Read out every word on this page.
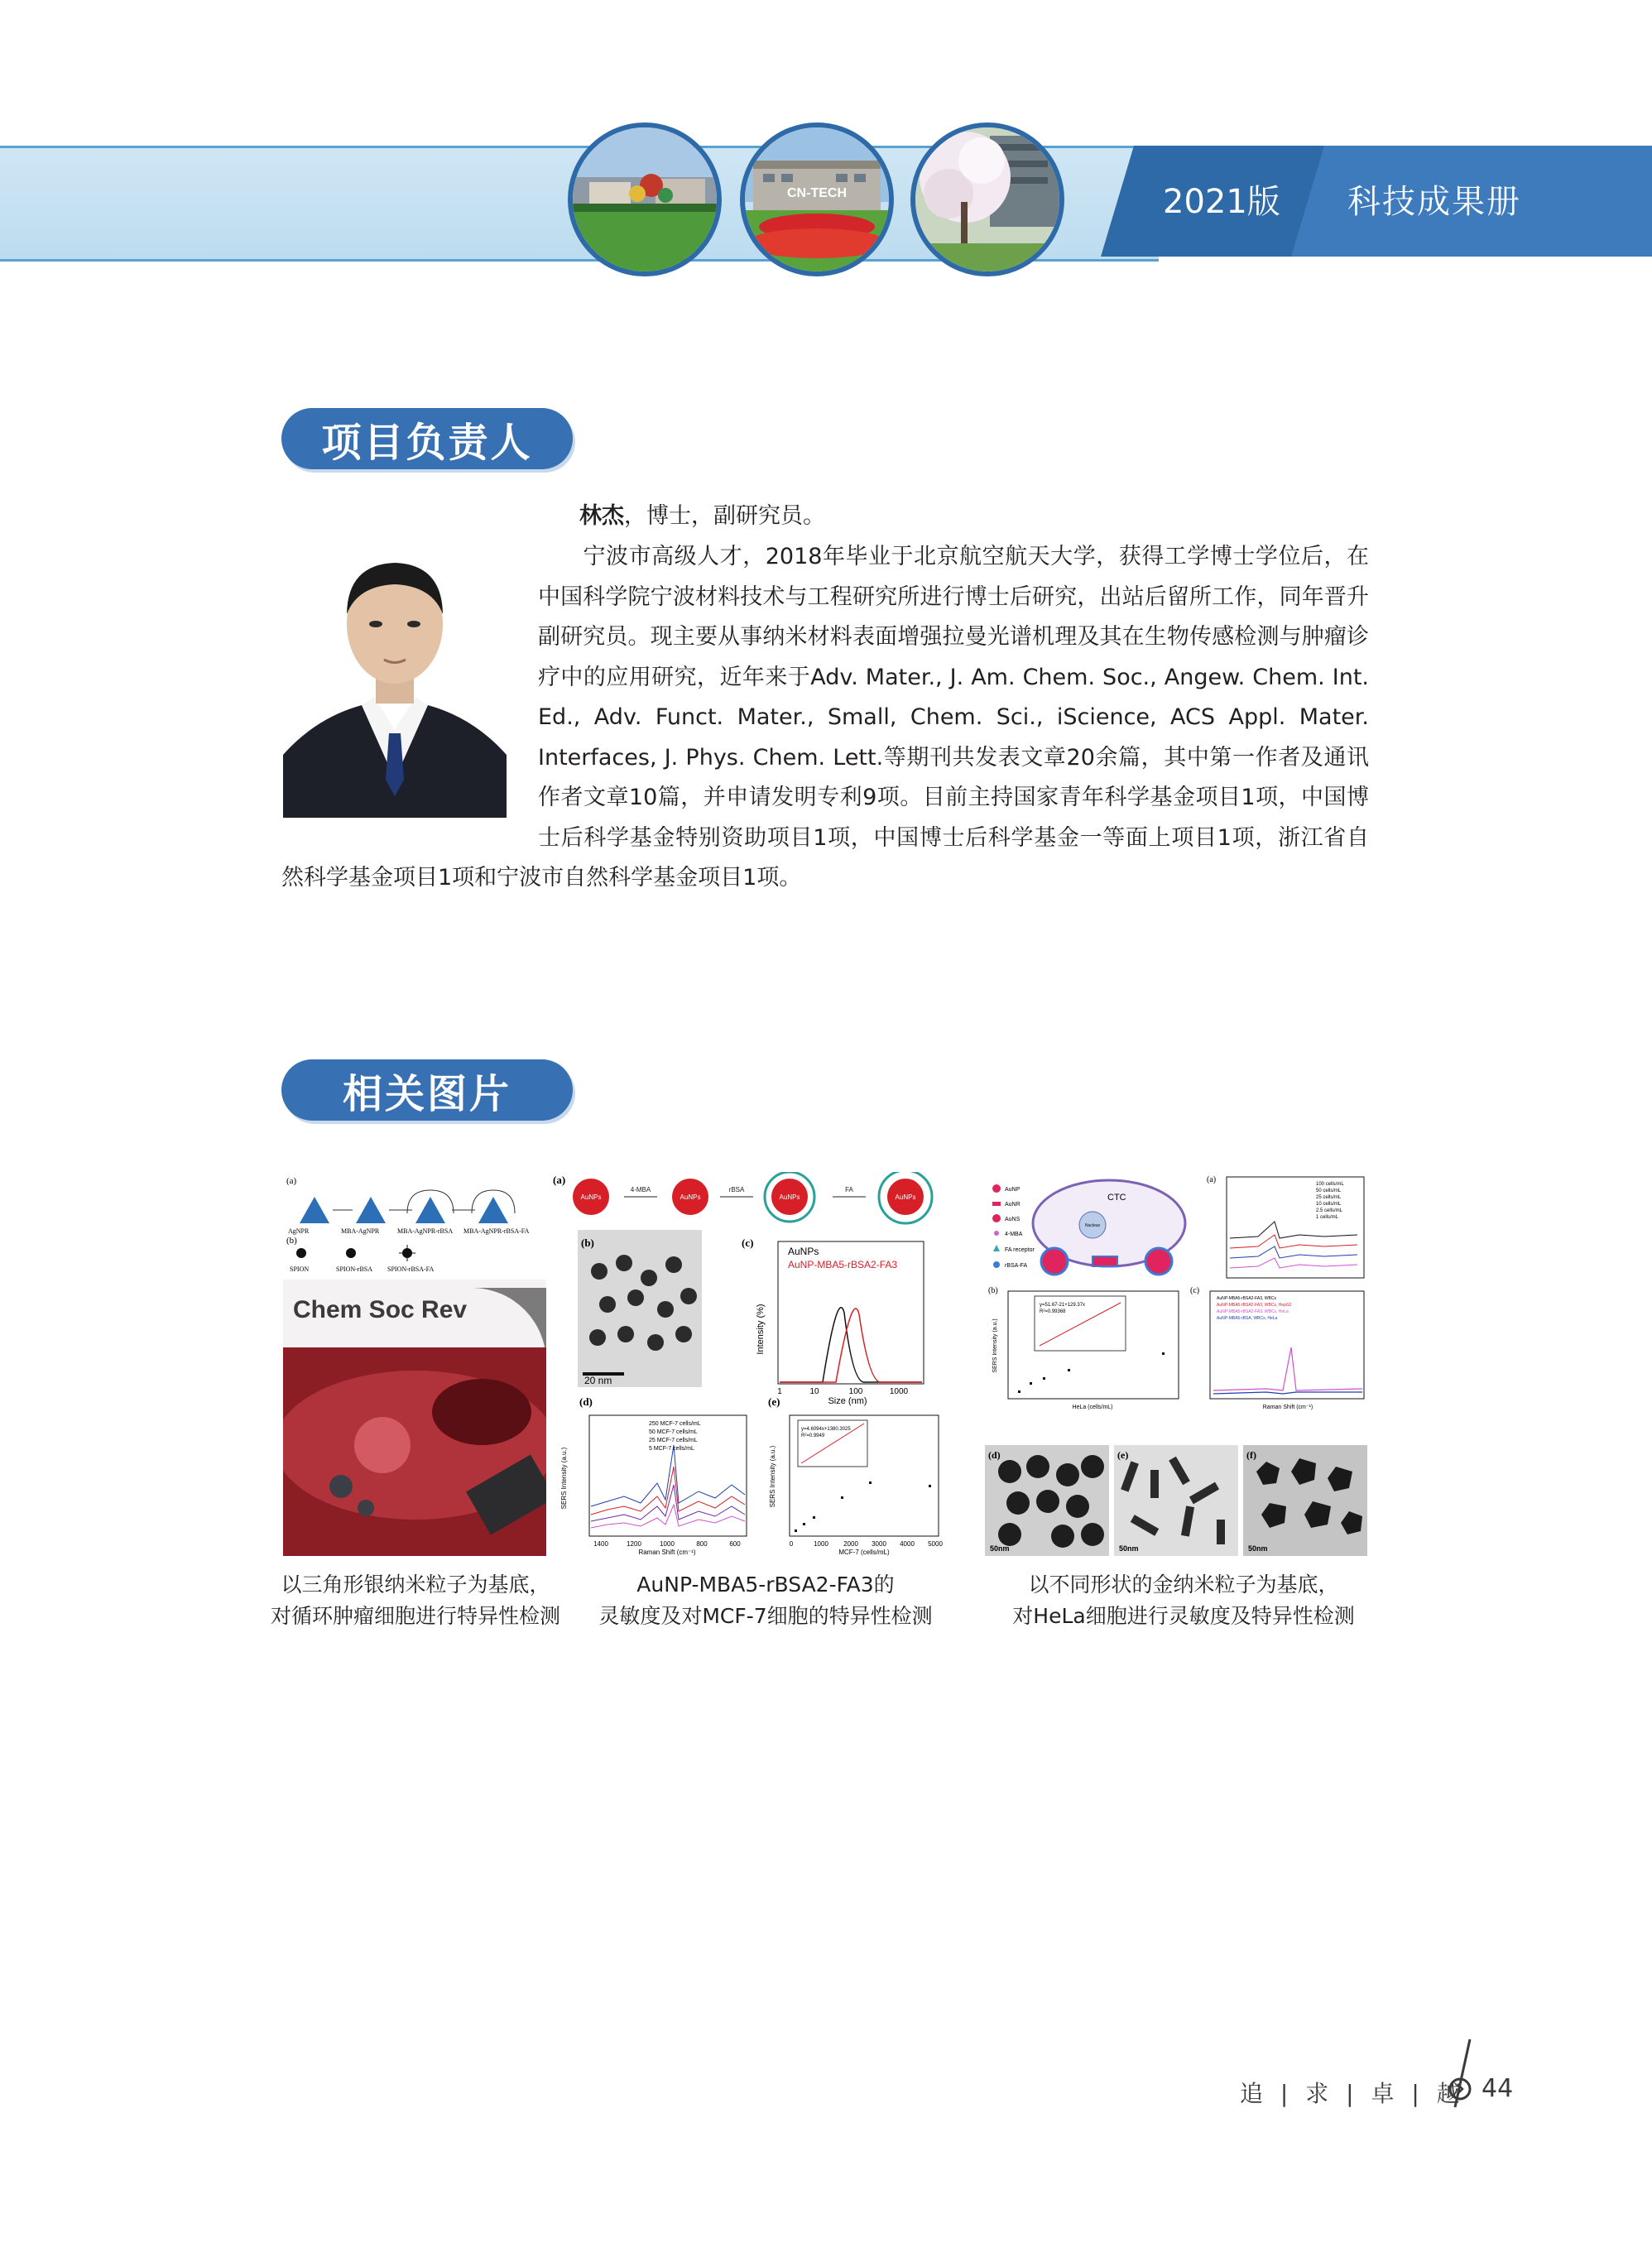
2021版 科技成果册
CN-TECH
项目负责人
林杰，博士，副研究员。
宁波市高级人才，2018年毕业于北京航空航天大学，获得工学博士学位后，在中国科学院宁波材料技术与工程研究所进行博士后研究，出站后留所工作，同年晋升副研究员。现主要从事纳米材料表面增强拉曼光谱机理及其在生物传感检测与肿瘤诊疗中的应用研究，近年来于Adv. Mater., J. Am. Chem. Soc., Angew. Chem. Int. Ed., Adv. Funct. Mater., Small, Chem. Sci., iScience, ACS Appl. Mater. Interfaces, J. Phys. Chem. Lett.等期刊共发表文章20余篇，其中第一作者及通讯作者文章10篇，并申请发明专利9项。目前主持国家青年科学基金项目1项，中国博士后科学基金特别资助项目1项，中国博士后科学基金一等面上项目1项，浙江省自然科学基金项目1项和宁波市自然科学基金项目1项。
相关图片
(a)
AgNPR	MBA-AgNPR	MBA-AgNPR-rBSA MBA-AgNPR-rBSA-FA
(b)
SPION	SPION-rBSA SPION-rBSA-FA
Chem Soc Rev
(a)
AuNPs	AuNPs	AuNPs	AuNPs
4-MBA	rBSA	FA
(b)
20 nm
(c)
AuNPs
AuNP-MBA5-rBSA2-FA3
1	10	100	1000
Size (nm)
Intensity (%)
(d)
250 MCF-7 cells/mL
50 MCF-7 cells/mL
25 MCF-7 cells/mL
5 MCF-7 cells/mL
1400	1200	1000	800	600
Raman Shift (cm⁻¹)
SERS Intensity (a.u.)
(e)
y=4.6094x+1380.3025
R²=0.9949
0	1000 2000 3000 4000 5000
MCF-7 (cells/mL)
SERS Intensity (a.u.)
AuNP
AuNR
AuNS
4-MBA
FA receptor
rBSA-FA
CTC
Nucleus
(a)	100 cells/mL
50 cells/mL
25 cells/mL
10 cells/mL
2.5 cells/mL
1 cells/mL
(b)
y=51.67-21+129.37x
R²=0.99368
HeLa (cells/mL)
SERS Intensity (a.u.)
(c)
AuNP-MBA5-rBSA2-FA3, WBCs
AuNP-MBA5-rBSA2-FA3, WBCs, HepG2
AuNP-MBA5-rBSA2-FA3, WBCs, HeLa
AuNP-MBA5-rBSA, WBCs, HeLa
Raman Shift (cm⁻¹)
(d)
50nm
(e)
50nm
(f)
50nm
以三角形银纳米粒子为基底，
对循环肿瘤细胞进行特异性检测
AuNP-MBA5-rBSA2-FA3的
灵敏度及对MCF-7细胞的特异性检测
以不同形状的金纳米粒子为基底，
对HeLa细胞进行灵敏度及特异性检测
追 | 求 | 卓 | 越 44
